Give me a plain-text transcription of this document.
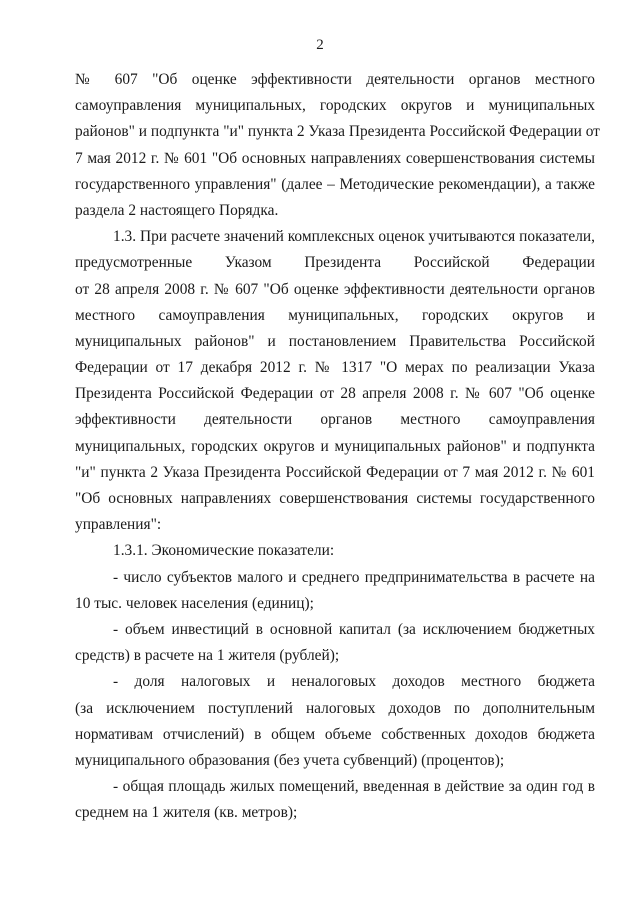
2

№ 607 "Об оценке эффективности деятельности органов местного
самоуправления муниципальных, городских округов и муниципальных
районов" и подпункта "и" пункта 2 Указа Президента Российской Федерации от
7 мая 2012 г. № 601 "Об основных направлениях совершенствования системы
государственного управления" (далее – Методические рекомендации), а также
раздела 2 настоящего Порядка.

1.3. При расчете значений комплексных оценок учитываются показатели,
предусмотренные Указом Президента Российской Федерации
от 28 апреля 2008 г. № 607 "Об оценке эффективности деятельности органов
местного самоуправления муниципальных, городских округов и
муниципальных районов" и постановлением Правительства Российской
Федерации от 17 декабря 2012 г. № 1317 "О мерах по реализации Указа
Президента Российской Федерации от 28 апреля 2008 г. № 607 "Об оценке
эффективности деятельности органов местного самоуправления
муниципальных, городских округов и муниципальных районов" и подпункта
"и" пункта 2 Указа Президента Российской Федерации от 7 мая 2012 г. № 601
"Об основных направлениях совершенствования системы государственного
управления":

1.3.1. Экономические показатели:

- число субъектов малого и среднего предпринимательства в расчете на
10 тыс. человек населения (единиц);

- объем инвестиций в основной капитал (за исключением бюджетных
средств) в расчете на 1 жителя (рублей);

- доля налоговых и неналоговых доходов местного бюджета
(за исключением поступлений налоговых доходов по дополнительным
нормативам отчислений) в общем объеме собственных доходов бюджета
муниципального образования (без учета субвенций) (процентов);

- общая площадь жилых помещений, введенная в действие за один год в
среднем на 1 жителя (кв. метров);
